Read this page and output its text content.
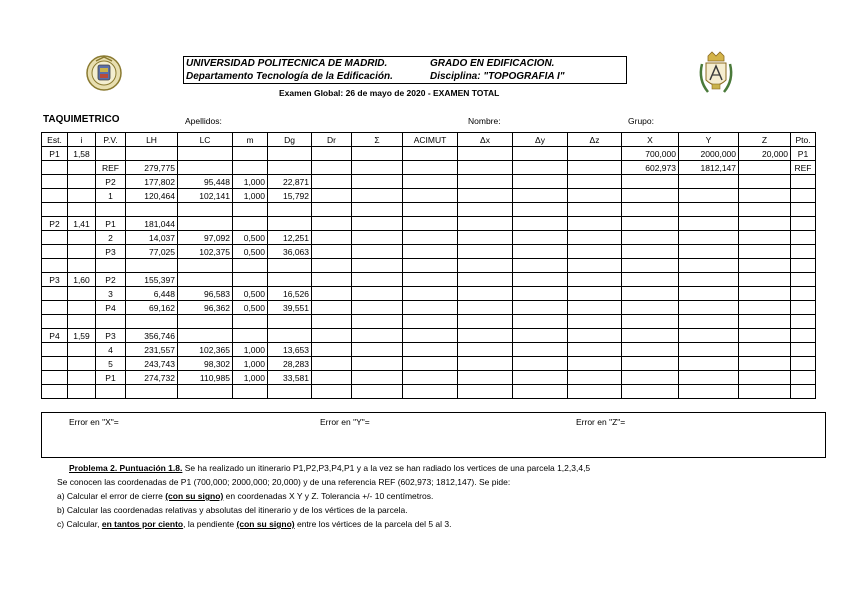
UNIVERSIDAD POLITECNICA DE MADRID.	GRADO EN EDIFICACION.
Departamento Tecnología de la Edificación.	Disciplina: "TOPOGRAFIA I"
Examen Global: 26 de mayo de 2020 - EXAMEN TOTAL
TAQUIMETRICO	Apellidos:	Nombre:	Grupo:
Est.	i	P.V.	LH	LC	m	Dg	Dr	Σ	ACIMUT	Δx	Δy	Δz	X	Y	Z	Pto.
P1	1,58												700,000	2000,000	20,000	P1
		REF	279,775										602,973	1812,147		REF
		P2	177,802	95,448	1,000	22,871										
		1	120,464	102,141	1,000	15,792										

P2	1,41	P1	181,044													
		2	14,037	97,092	0,500	12,251										
		P3	77,025	102,375	0,500	36,063										

P3	1,60	P2	155,397													
		3	6,448	96,583	0,500	16,526										
		P4	69,162	96,362	0,500	39,551										

P4	1,59	P3	356,746													
		4	231,557	102,365	1,000	13,653										
		5	243,743	98,302	1,000	28,283										
		P1	274,732	110,985	1,000	33,581										

Error en "X"=	Error en "Y"=	Error en "Z"=
Problema 2. Puntuación 1.8. Se ha realizado un itinerario P1,P2,P3,P4,P1 y a la vez se han radiado los vertices de una parcela 1,2,3,4,5
Se conocen las coordenadas de P1 (700,000; 2000,000; 20,000) y de una referencia REF (602,973; 1812,147). Se pide:
a) Calcular el error de cierre (con su signo) en coordenadas X Y y Z. Tolerancia +/- 10 centímetros.
b) Calcular las coordenadas relativas y absolutas del itinerario y de los vértices de la parcela.
c) Calcular, en tantos por ciento, la pendiente (con su signo) entre los vértices de la parcela del 5 al 3.
